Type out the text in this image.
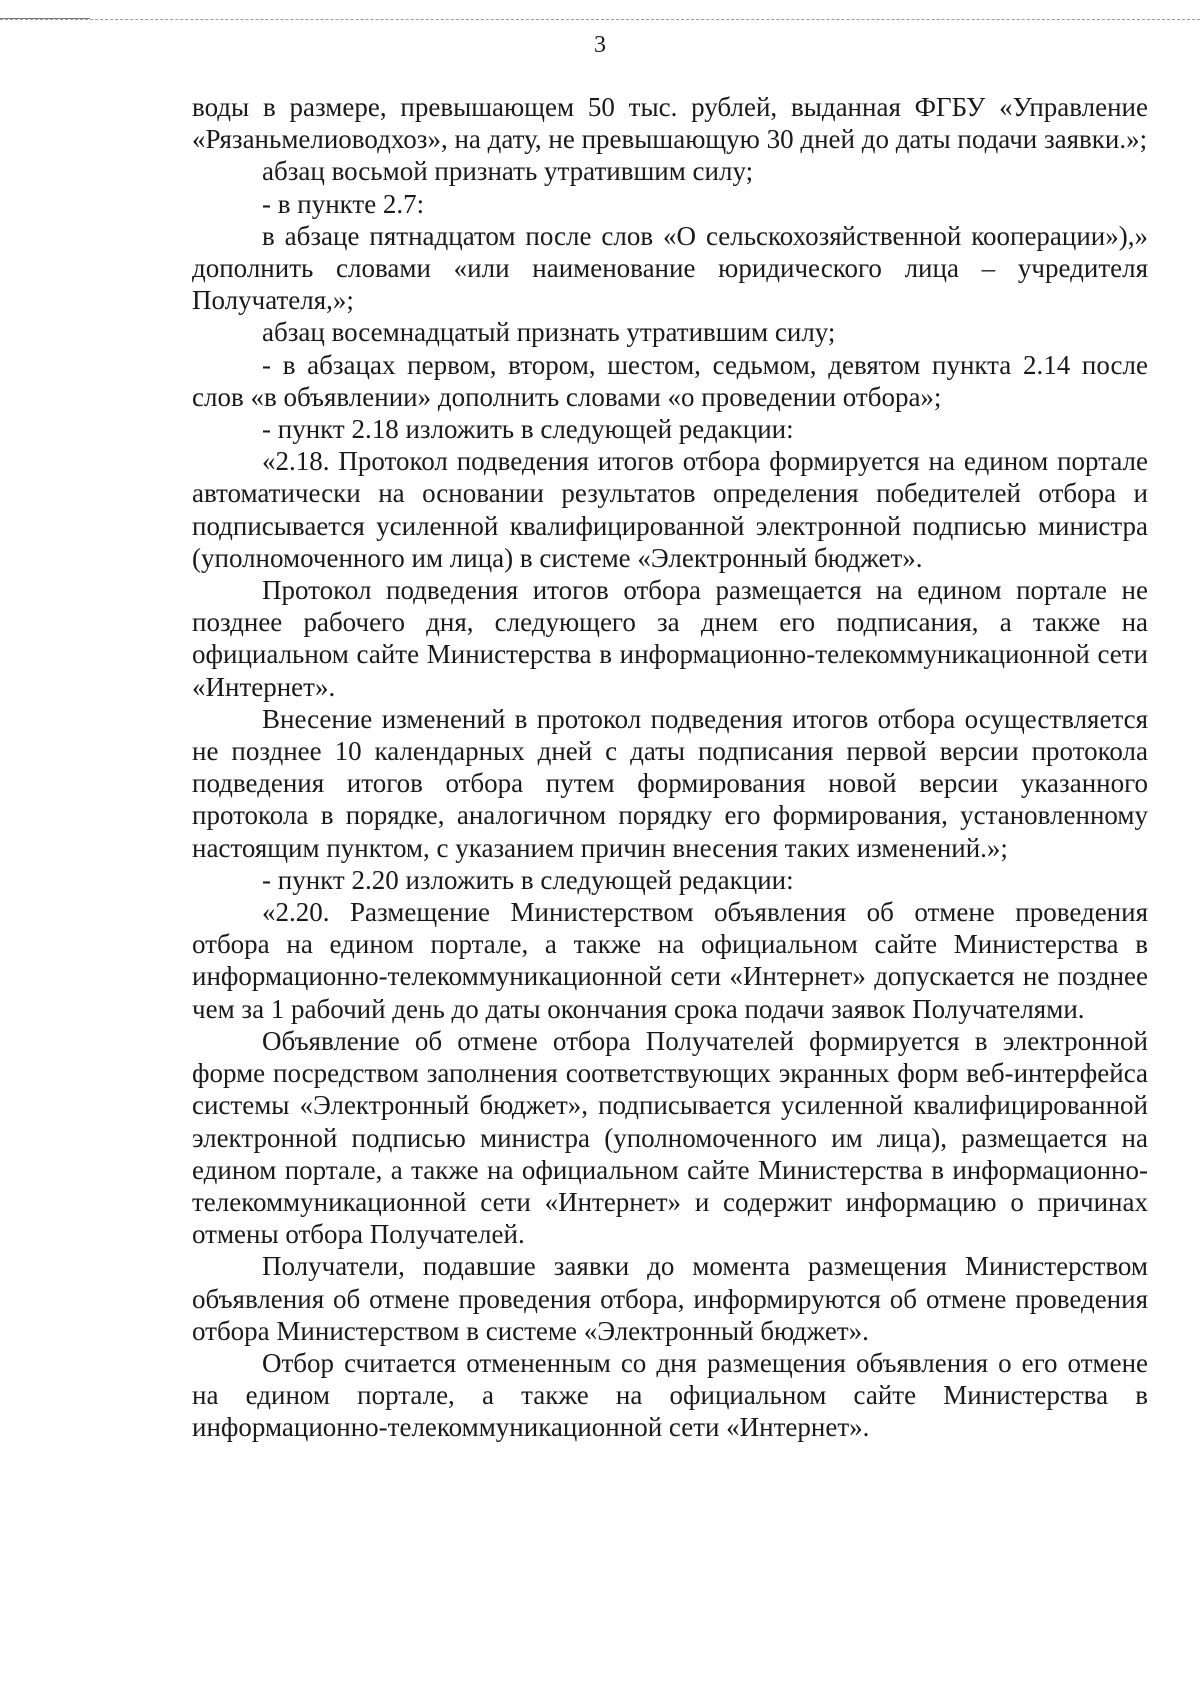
3

воды в размере, превышающем 50 тыс. рублей, выданная ФГБУ «Управление «Рязаньмелиоводхоз», на дату, не превышающую 30 дней до даты подачи заявки.»;

абзац восьмой признать утратившим силу;

- в пункте 2.7:

в абзаце пятнадцатом после слов «О сельскохозяйственной кооперации»),» дополнить словами «или наименование юридического лица – учредителя Получателя,»;

абзац восемнадцатый признать утратившим силу;

- в абзацах первом, втором, шестом, седьмом, девятом пункта 2.14 после слов «в объявлении» дополнить словами «о проведении отбора»;

- пункт 2.18 изложить в следующей редакции:

«2.18. Протокол подведения итогов отбора формируется на едином портале автоматически на основании результатов определения победителей отбора и подписывается усиленной квалифицированной электронной подписью министра (уполномоченного им лица) в системе «Электронный бюджет».

Протокол подведения итогов отбора размещается на едином портале не позднее рабочего дня, следующего за днем его подписания, а также на официальном сайте Министерства в информационно-телекоммуникационной сети «Интернет».

Внесение изменений в протокол подведения итогов отбора осуществляется не позднее 10 календарных дней с даты подписания первой версии протокола подведения итогов отбора путем формирования новой версии указанного протокола в порядке, аналогичном порядку его формирования, установленному настоящим пунктом, с указанием причин внесения таких изменений.»;

- пункт 2.20 изложить в следующей редакции:

«2.20. Размещение Министерством объявления об отмене проведения отбора на едином портале, а также на официальном сайте Министерства в информационно-телекоммуникационной сети «Интернет» допускается не позднее чем за 1 рабочий день до даты окончания срока подачи заявок Получателями.

Объявление об отмене отбора Получателей формируется в электронной форме посредством заполнения соответствующих экранных форм веб-интерфейса системы «Электронный бюджет», подписывается усиленной квалифицированной электронной подписью министра (уполномоченного им лица), размещается на едином портале, а также на официальном сайте Министерства в информационно-телекоммуникационной сети «Интернет» и содержит информацию о причинах отмены отбора Получателей.

Получатели, подавшие заявки до момента размещения Министерством объявления об отмене проведения отбора, информируются об отмене проведения отбора Министерством в системе «Электронный бюджет».

Отбор считается отмененным со дня размещения объявления о его отмене на едином портале, а также на официальном сайте Министерства в информационно-телекоммуникационной сети «Интернет».
